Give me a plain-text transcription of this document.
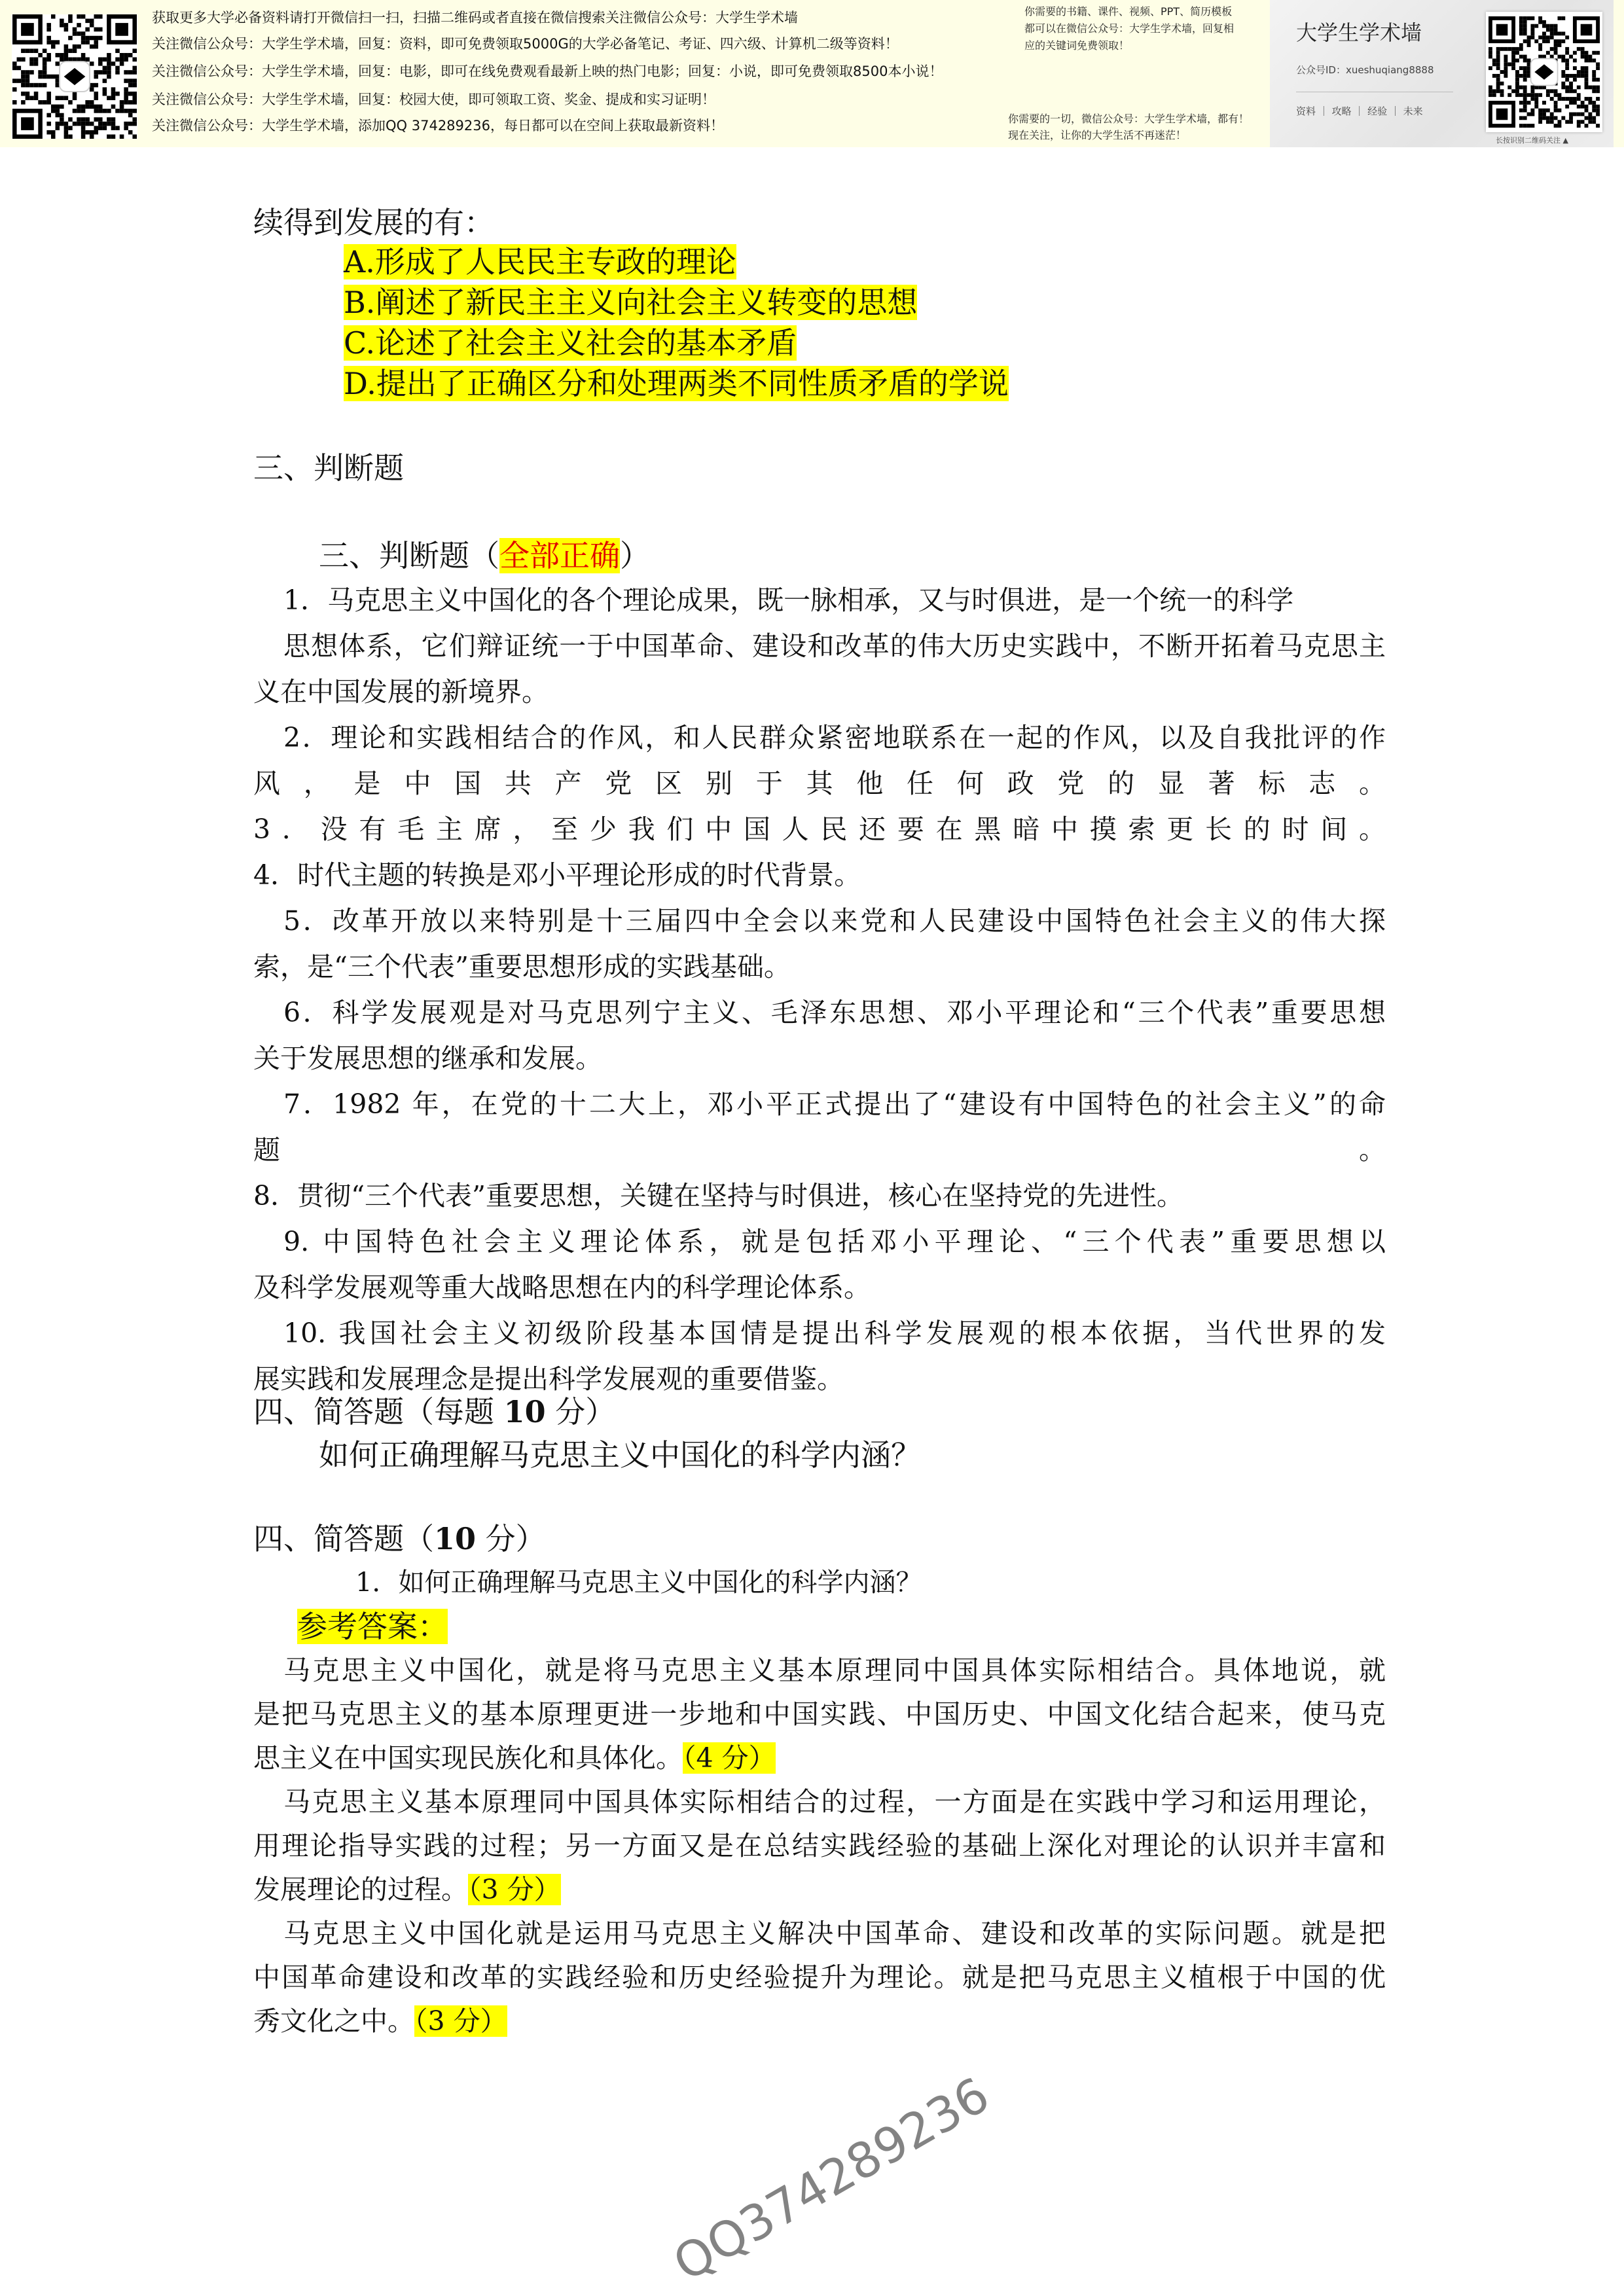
获取更多大学必备资料请打开微信扫一扫，扫描二维码或者直接在微信搜索关注微信公众号：大学生学术墙
关注微信公众号：大学生学术墙，回复：资料，即可免费领取5000G的大学必备笔记、考证、四六级、计算机二级等资料！
关注微信公众号：大学生学术墙，回复：电影，即可在线免费观看最新上映的热门电影；回复：小说，即可免费领取8500本小说！
关注微信公众号：大学生学术墙，回复：校园大使，即可领取工资、奖金、提成和实习证明！
关注微信公众号：大学生学术墙，添加QQ 374289236，每日都可以在空间上获取最新资料！
你需要的书籍、课件、视频、PPT、简历模板
都可以在微信公众号：大学生学术墙，回复相
应的关键词免费领取！
你需要的一切，微信公众号：大学生学术墙，都有！
现在关注，让你的大学生活不再迷茫！
大学生学术墙
公众号ID：xueshuqiang8888
资料 ｜ 攻略 ｜ 经验 ｜ 未来
长按识别二维码关注 ▲
续得到发展的有：
A.形成了人民民主专政的理论
B.阐述了新民主主义向社会主义转变的思想
C.论述了社会主义社会的基本矛盾
D.提出了正确区分和处理两类不同性质矛盾的学说
三、判断题
三、判断题（全部正确）
1．马克思主义中国化的各个理论成果，既一脉相承，又与时俱进，是一个统一的科学
思想体系，它们辩证统一于中国革命、建设和改革的伟大历史实践中，不断开拓着马克思主
义在中国发展的新境界。
2．理论和实践相结合的作风，和人民群众紧密地联系在一起的作风，以及自我批评的作
风，是中国共产党区别于其他任何政党的显著标志。
3．没有毛主席，至少我们中国人民还要在黑暗中摸索更长的时间。
4．时代主题的转换是邓小平理论形成的时代背景。
5．改革开放以来特别是十三届四中全会以来党和人民建设中国特色社会主义的伟大探
索，是“三个代表”重要思想形成的实践基础。
6．科学发展观是对马克思列宁主义、毛泽东思想、邓小平理论和“三个代表”重要思想
关于发展思想的继承和发展。
7．1982 年，在党的十二大上，邓小平正式提出了“建设有中国特色的社会主义”的命
题。
8．贯彻“三个代表”重要思想，关键在坚持与时俱进，核心在坚持党的先进性。
9. 中国特色社会主义理论体系，就是包括邓小平理论、“三个代表”重要思想以
及科学发展观等重大战略思想在内的科学理论体系。
10. 我国社会主义初级阶段基本国情是提出科学发展观的根本依据，当代世界的发
展实践和发展理念是提出科学发展观的重要借鉴。
四、简答题（每题 10 分）
如何正确理解马克思主义中国化的科学内涵？
四、简答题（10 分）
1．如何正确理解马克思主义中国化的科学内涵？
参考答案：
马克思主义中国化，就是将马克思主义基本原理同中国具体实际相结合。具体地说，就
是把马克思主义的基本原理更进一步地和中国实践、中国历史、中国文化结合起来，使马克
思主义在中国实现民族化和具体化。（4 分）
马克思主义基本原理同中国具体实际相结合的过程，一方面是在实践中学习和运用理论，
用理论指导实践的过程；另一方面又是在总结实践经验的基础上深化对理论的认识并丰富和
发展理论的过程。（3 分）
马克思主义中国化就是运用马克思主义解决中国革命、建设和改革的实际问题。就是把
中国革命建设和改革的实践经验和历史经验提升为理论。就是把马克思主义植根于中国的优
秀文化之中。（3 分）
QQ374289236
